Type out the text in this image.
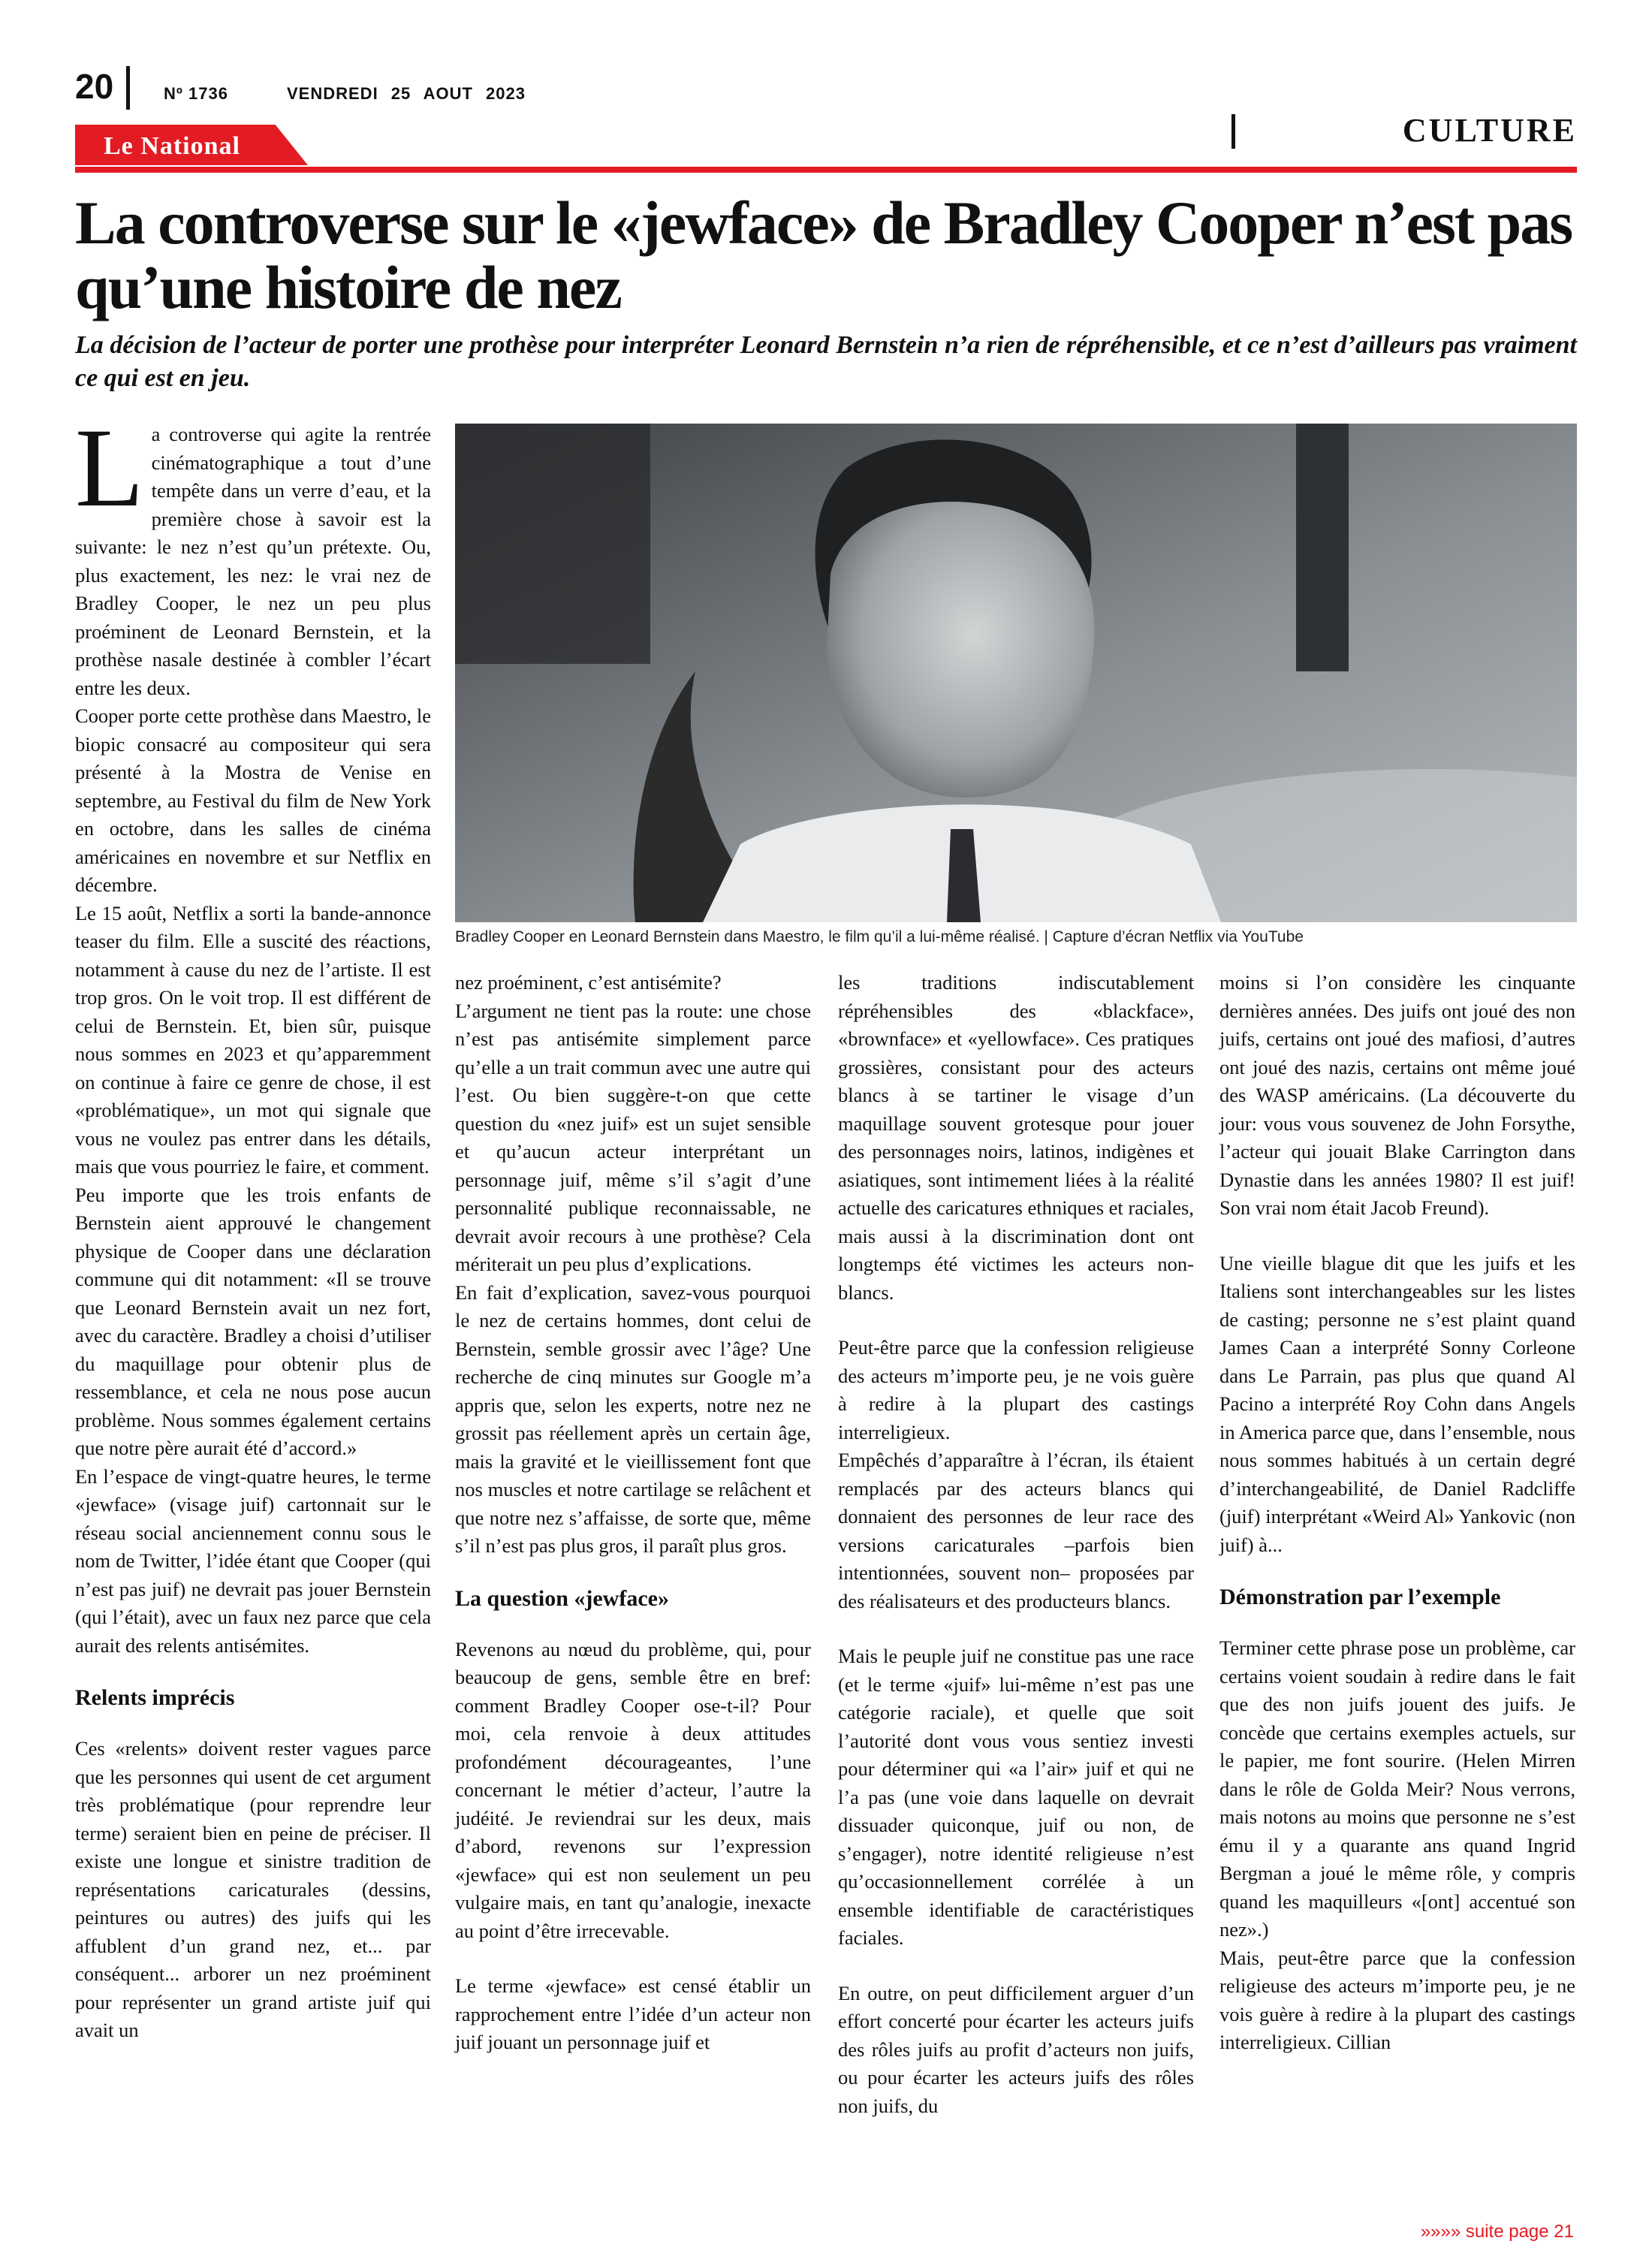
20	Nº 1736	VENDREDI 25 AOUT 2023
Le National	CULTURE
La controverse sur le «jewface» de Bradley Cooper n’est pas qu’une histoire de nez

La décision de l’acteur de porter une prothèse pour interpréter Leonard Bernstein n’a rien de répréhensible, et ce n’est d’ailleurs pas vraiment ce qui est en jeu.

La controverse qui agite la rentrée cinématographique a tout d’une tempête dans un verre d’eau, et la première chose à savoir est la suivante: le nez n’est qu’un prétexte. Ou, plus exactement, les nez: le vrai nez de Bradley Cooper, le nez un peu plus proéminent de Leonard Bernstein, et la prothèse nasale destinée à combler l’écart entre les deux.

Cooper porte cette prothèse dans Maestro, le biopic consacré au compositeur qui sera présenté à la Mostra de Venise en septembre, au Festival du film de New York en octobre, dans les salles de cinéma américaines en novembre et sur Netflix en décembre.

Le 15 août, Netflix a sorti la bande-annonce teaser du film. Elle a suscité des réactions, notamment à cause du nez de l’artiste. Il est trop gros. On le voit trop. Il est différent de celui de Bernstein. Et, bien sûr, puisque nous sommes en 2023 et qu’apparemment on continue à faire ce genre de chose, il est «problématique», un mot qui signale que vous ne voulez pas entrer dans les détails, mais que vous pourriez le faire, et comment.

Peu importe que les trois enfants de Bernstein aient approuvé le changement physique de Cooper dans une déclaration commune qui dit notamment: «Il se trouve que Leonard Bernstein avait un nez fort, avec du caractère. Bradley a choisi d’utiliser du maquillage pour obtenir plus de ressemblance, et cela ne nous pose aucun problème. Nous sommes également certains que notre père aurait été d’accord.»

En l’espace de vingt-quatre heures, le terme «jewface» (visage juif) cartonnait sur le réseau social anciennement connu sous le nom de Twitter, l’idée étant que Cooper (qui n’est pas juif) ne devrait pas jouer Bernstein (qui l’était), avec un faux nez parce que cela aurait des relents antisémites.

Relents imprécis

Ces «relents» doivent rester vagues parce que les personnes qui usent de cet argument très problématique (pour reprendre leur terme) seraient bien en peine de préciser. Il existe une longue et sinistre tradition de représentations caricaturales (dessins, peintures ou autres) des juifs qui les affublent d’un grand nez, et... par conséquent... arborer un nez proéminent pour représenter un grand artiste juif qui avait un

Bradley Cooper en Leonard Bernstein dans Maestro, le film qu’il a lui-même réalisé. | Capture d’écran Netflix via YouTube

nez proéminent, c’est antisémite?

L’argument ne tient pas la route: une chose n’est pas antisémite simplement parce qu’elle a un trait commun avec une autre qui l’est. Ou bien suggère-t-on que cette question du «nez juif» est un sujet sensible et qu’aucun acteur interprétant un personnage juif, même s’il s’agit d’une personnalité publique reconnaissable, ne devrait avoir recours à une prothèse? Cela mériterait un peu plus d’explications.

En fait d’explication, savez-vous pourquoi le nez de certains hommes, dont celui de Bernstein, semble grossir avec l’âge? Une recherche de cinq minutes sur Google m’a appris que, selon les experts, notre nez ne grossit pas réellement après un certain âge, mais la gravité et le vieillissement font que nos muscles et notre cartilage se relâchent et que notre nez s’affaisse, de sorte que, même s’il n’est pas plus gros, il paraît plus gros.

La question «jewface»

Revenons au nœud du problème, qui, pour beaucoup de gens, semble être en bref: comment Bradley Cooper ose-t-il? Pour moi, cela renvoie à deux attitudes profondément décourageantes, l’une concernant le métier d’acteur, l’autre la judéité. Je reviendrai sur les deux, mais d’abord, revenons sur l’expression «jewface» qui est non seulement un peu vulgaire mais, en tant qu’analogie, inexacte au point d’être irrecevable.

Le terme «jewface» est censé établir un rapprochement entre l’idée d’un acteur non juif jouant un personnage juif et

les traditions indiscutablement répréhensibles des «blackface», «brownface» et «yellowface». Ces pratiques grossières, consistant pour des acteurs blancs à se tartiner le visage d’un maquillage souvent grotesque pour jouer des personnages noirs, latinos, indigènes et asiatiques, sont intimement liées à la réalité actuelle des caricatures ethniques et raciales, mais aussi à la discrimination dont ont longtemps été victimes les acteurs non-blancs.

Peut-être parce que la confession religieuse des acteurs m’importe peu, je ne vois guère à redire à la plupart des castings interreligieux.

Empêchés d’apparaître à l’écran, ils étaient remplacés par des acteurs blancs qui donnaient des personnes de leur race des versions caricaturales –parfois bien intentionnées, souvent non– proposées par des réalisateurs et des producteurs blancs.

Mais le peuple juif ne constitue pas une race (et le terme «juif» lui-même n’est pas une catégorie raciale), et quelle que soit l’autorité dont vous vous sentiez investi pour déterminer qui «a l’air» juif et qui ne l’a pas (une voie dans laquelle on devrait dissuader quiconque, juif ou non, de s’engager), notre identité religieuse n’est qu’occasionnellement corrélée à un ensemble identifiable de caractéristiques faciales.

En outre, on peut difficilement arguer d’un effort concerté pour écarter les acteurs juifs des rôles juifs au profit d’acteurs non juifs, ou pour écarter les acteurs juifs des rôles non juifs, du

moins si l’on considère les cinquante dernières années. Des juifs ont joué des non juifs, certains ont joué des mafiosi, d’autres ont joué des nazis, certains ont même joué des WASP américains. (La découverte du jour: vous vous souvenez de John Forsythe, l’acteur qui jouait Blake Carrington dans Dynastie dans les années 1980? Il est juif! Son vrai nom était Jacob Freund).

Une vieille blague dit que les juifs et les Italiens sont interchangeables sur les listes de casting; personne ne s’est plaint quand James Caan a interprété Sonny Corleone dans Le Parrain, pas plus que quand Al Pacino a interprété Roy Cohn dans Angels in America parce que, dans l’ensemble, nous nous sommes habitués à un certain degré d’interchangeabilité, de Daniel Radcliffe (juif) interprétant «Weird Al» Yankovic (non juif) à...

Démonstration par l’exemple

Terminer cette phrase pose un problème, car certains voient soudain à redire dans le fait que des non juifs jouent des juifs. Je concède que certains exemples actuels, sur le papier, me font sourire. (Helen Mirren dans le rôle de Golda Meir? Nous verrons, mais notons au moins que personne ne s’est ému il y a quarante ans quand Ingrid Bergman a joué le même rôle, y compris quand les maquilleurs «[ont] accentué son nez».)

Mais, peut-être parce que la confession religieuse des acteurs m’importe peu, je ne vois guère à redire à la plupart des castings interreligieux. Cillian

»»»» suite page 21
